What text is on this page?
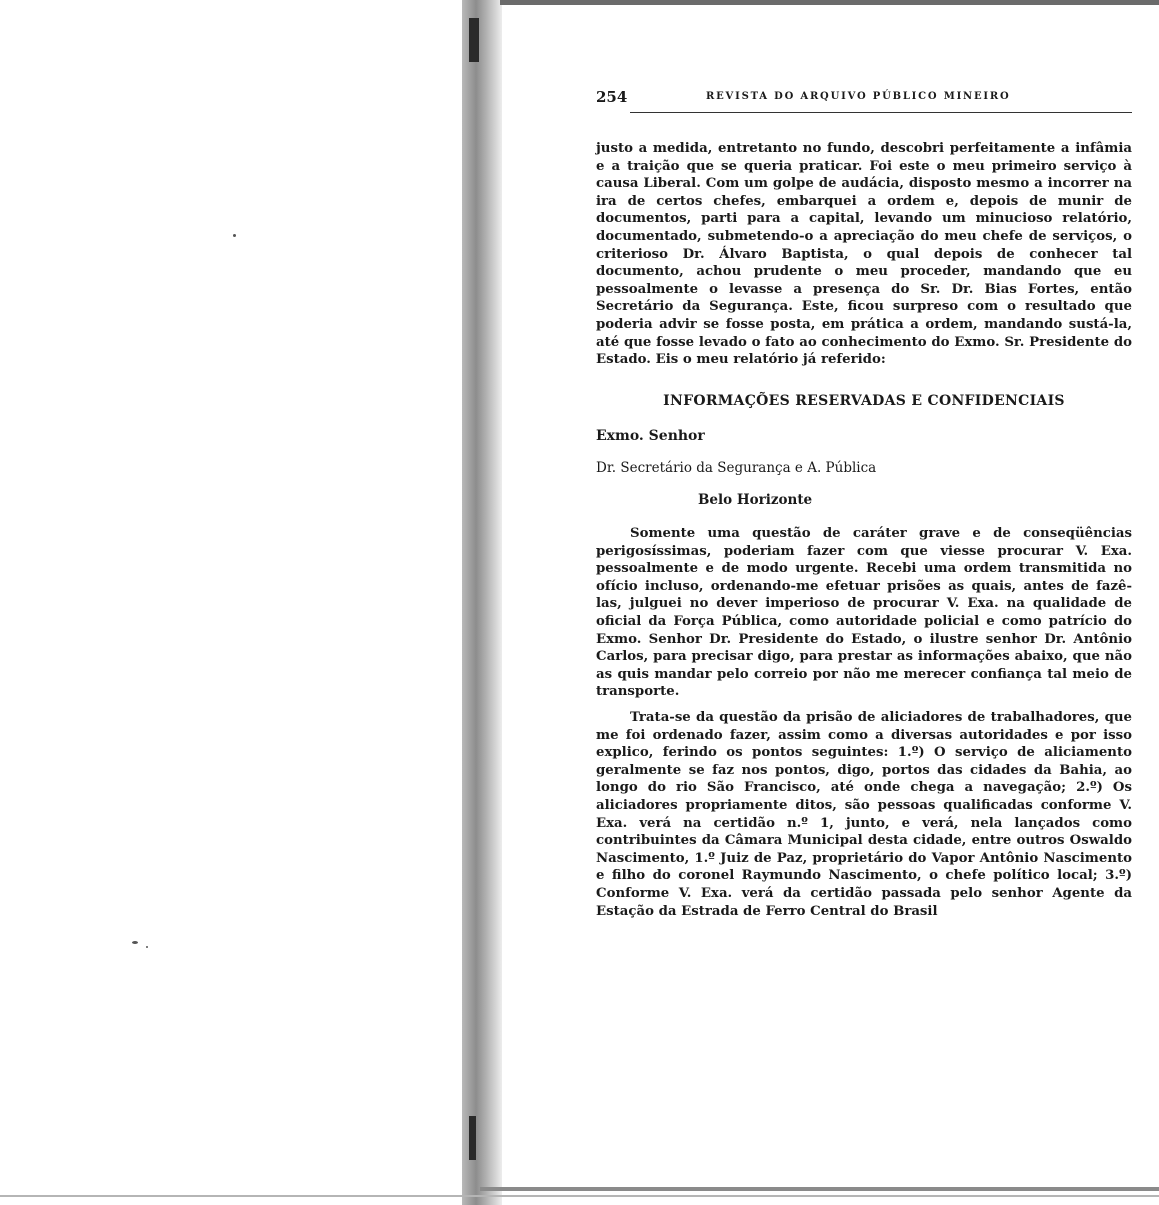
254	REVISTA DO ARQUIVO PÚBLICO MINEIRO

justo a medida, entretanto no fundo, descobri perfeitamente a infâmia e a traição que se queria praticar. Foi este o meu primeiro serviço à causa Liberal. Com um golpe de audácia, disposto mesmo a incorrer na ira de certos chefes, embarquei a ordem e, depois de munir de documentos, parti para a capital, levando um minucioso relatório, documentado, submetendo-o a apreciação do meu chefe de serviços, o criterioso Dr. Álvaro Baptista, o qual depois de conhecer tal documento, achou prudente o meu proceder, mandando que eu pessoalmente o levasse a presença do Sr. Dr. Bias Fortes, então Secretário da Segurança. Este, ficou surpreso com o resultado que poderia advir se fosse posta, em prática a ordem, mandando sustá-la, até que fosse levado o fato ao conhecimento do Exmo. Sr. Presidente do Estado. Eis o meu relatório já referido:

INFORMAÇÕES RESERVADAS E CONFIDENCIAIS
Exmo. Senhor
Dr. Secretário da Segurança e A. Pública
Belo Horizonte

Somente uma questão de caráter grave e de conseqüências perigosíssimas, poderiam fazer com que viesse procurar V. Exa. pessoalmente e de modo urgente. Recebi uma ordem transmitida no ofício incluso, ordenando-me efetuar prisões as quais, antes de fazê-las, julguei no dever imperioso de procurar V. Exa. na qualidade de oficial da Força Pública, como autoridade policial e como patrício do Exmo. Senhor Dr. Presidente do Estado, o ilustre senhor Dr. Antônio Carlos, para precisar digo, para prestar as informações abaixo, que não as quis mandar pelo correio por não me merecer confiança tal meio de transporte.

Trata-se da questão da prisão de aliciadores de trabalhadores, que me foi ordenado fazer, assim como a diversas autoridades e por isso explico, ferindo os pontos seguintes: 1.º) O serviço de aliciamento geralmente se faz nos pontos, digo, portos das cidades da Bahia, ao longo do rio São Francisco, até onde chega a navegação; 2.º) Os aliciadores propriamente ditos, são pessoas qualificadas conforme V. Exa. verá na certidão n.º 1, junto, e verá, nela lançados como contribuintes da Câmara Municipal desta cidade, entre outros Oswaldo Nascimento, 1.º Juiz de Paz, proprietário do Vapor Antônio Nascimento e filho do coronel Raymundo Nascimento, o chefe político local; 3.º) Conforme V. Exa. verá da certidão passada pelo senhor Agente da Estação da Estrada de Ferro Central do Brasil
